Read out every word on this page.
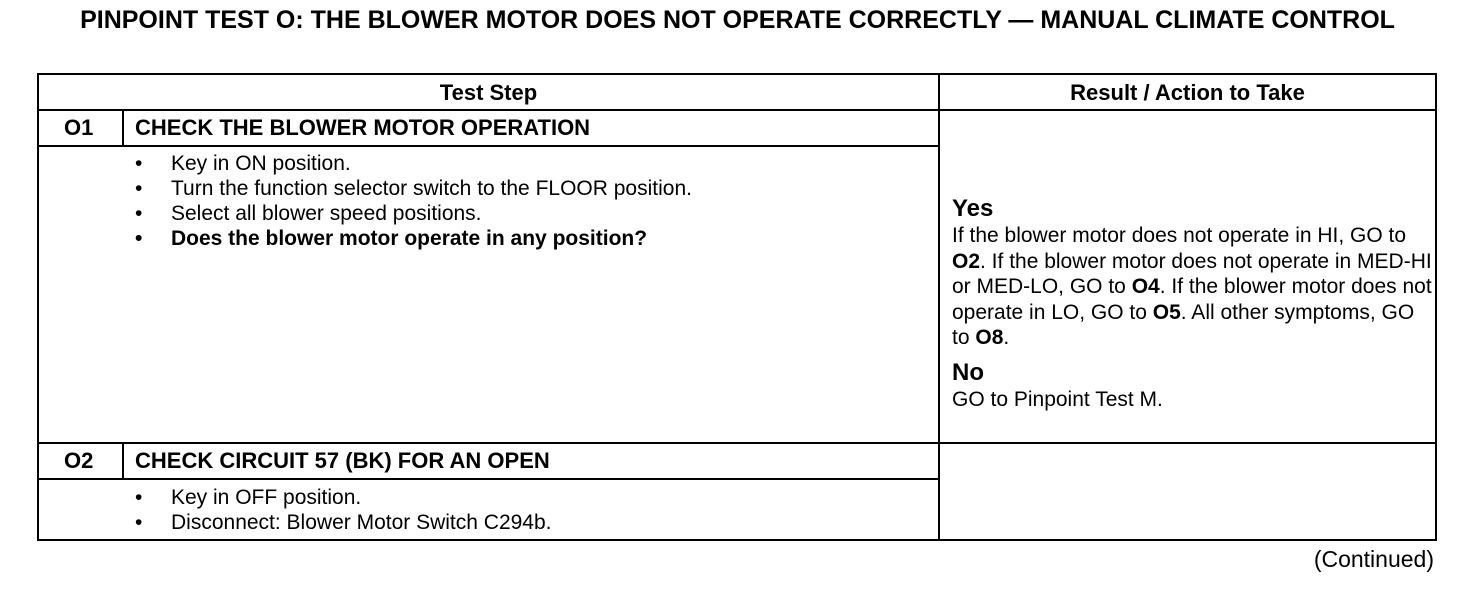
PINPOINT TEST O: THE BLOWER MOTOR DOES NOT OPERATE CORRECTLY — MANUAL CLIMATE CONTROL
Test Step	Result / Action to Take
O1 CHECK THE BLOWER MOTOR OPERATION
• Key in ON position.
• Turn the function selector switch to the FLOOR position.
• Select all blower speed positions.
• Does the blower motor operate in any position?
Yes

If the blower motor does not operate in HI, GO to O2. If the blower motor does not operate in MED-HI or MED-LO, GO to O4. If the blower motor does not operate in LO, GO to O5. All other symptoms, GO to O8.

No

GO to Pinpoint Test M.

O2 CHECK CIRCUIT 57 (BK) FOR AN OPEN
• Key in OFF position.
• Disconnect: Blower Motor Switch C294b.
(Continued)
